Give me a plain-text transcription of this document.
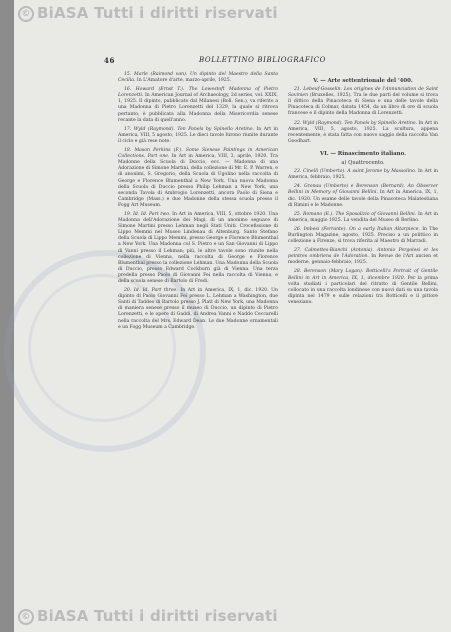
© BiASA Tutti i diritti riservati
46	BOLLETTINO BIBLIOGRAFICO

15. Marle (Raimond van). Un dipinto del Maestro della Santa Cecilia. In L'Amatore d'arte, marzo-aprile, 1925.

16. Howard (Ernst T.). The Lowestoft Madonna of Pietro Lorenzetti. In American Journal of Archaeology, 2d series, vol. XXIX, 1, 1925. Il dipinto, pubblicato dal Milanesi (Boll. Sen.), va riferito a una Madonna di Pietro Lorenzetti del 1329, la quale si ritrova pertanto, è pubblicata alla Madonna della Misericordia senese recante la data di quell'anno.

17. Wyld (Raymond). Ten Panels by Spinello Aretino. In Art in America, VIII, 5 agosto, 1925. Le dieci tavole furono riunite durante il ciclo e già rese note.

18. Mason Perkins (F.). Some Sienese Paintings in American Collections, Part one. In Art in America, VIII, 3, aprile, 1920. Tra Madonne della Scuola di Duccio, ecc. — Madonna di una Adorazione di Simone Martini, della collezione di Mr. E. P. Warren, e di anonimi, S. Gregorio, della Scuola di Ugolino nella raccolta di George e Florence Blumenthal a New York. Una nuova Madonna della Scuola di Duccio presso Philip Lehman a New York, una seconda Tavola di Ambrogio Lorenzetti, ancora Paolo di Siena e Cambridge (Mass.) e due Madonne della stessa scuola presso il Fogg Art Museum.

19. Id. Id. Part two. In Art in America, VIII, 5, ottobre 1920. Una Madonna dell'Adorazione dei Magi, di un anonimo seguace di Simone Martini presso Lehman negli Stati Uniti. Crocefissione di Lippo Memmi nel Museo Lindenau di Altenburg. Santo Stefano della Scuola di Lippo Memmi, presso George e Florence Blumenthal a New York. Una Madonna col S. Pietro e un San Giovanni di Lippo di Vanni presso il Lehman; più, le altre tavole sono riunite nella collezione di Vienna, nella raccolta di George e Florence Blumenthal presso la collezione Lehman. Una Madonna della Scuola di Duccio, presso Edward Cockburn già di Vienna. Una terza predella presso Paolo di Giovanni Fei nella raccolta di Vienna, e della scuola senese di Bartolo di Fredi.

20. Id. Id. Part three. In Art in America, IX, 1, dic. 1920. Un dipinto di Paolo Giovanni Fei presso L. Lehman a Washington, due Santi di Taddeo di Bartolo presso J. Platt di New York, una Madonna di maniera senese presso il museo di Duccio, un dipinto di Pietro Lorenzetti, e le opere di Gaddi, di Andrea Vanni e Naddo Ceccarelli nella raccolta del Mrs. Edward Dean. Le due Madonne ornamentali e un Fogg Museum a Cambridge.

V. — Arte settentrionale del '400.

21. Lebeuf-Gosselin. Les origines de l'Annunciation de Saint Savinien (Bruxelles, 1925). Tra le due parti del volume si trova il dittico della Pinacoteca di Siena e una delle tavole della Pinacoteca di Colmar, datata 1454, da un libro di ore di scuola francese e il dipinto della Madonna di Lorenzetti.

22. Wyld (Raymond). Ten Panels by Spinello Aretino. In Art in America, VIII, 5, agosto, 1925. La scultura, appena recentemente, è stata fatta con nuovo saggio della raccolta Van Goodhart.

VI. — Rinascimento italiano.
a) Quattrocento.

23. Cinelli (Umberto). A saint Jerome by Massolino. In Art in America, febbraio, 1925.

24. Gronau (Umberto) e Berenson (Bernard). An Observer Bellini in Memory of Giovanni Bellini. In Art in America, IX, 1, dic. 1920. Un esame delle tavole della Pinacoteca Malatestiana di Rimini e le Madonne.

25. Romano (E.). The Sposalizio of Giovanni Bellini. In Art in America, maggio 1925. La vendita del Museo di Berlino.

26. Imbesi (Ferrante). On a early Italian Altarpiece. In The Burlington Magazine, agosto, 1925. Preciso a un polittico in collezione a Firenze, si trova riferita al Maestro di Marradi.

27. Calmettes-Bianchi (Antonia). Antonio Pergolesi et les peintres ombriens de l'Adoration. In Revue de l'Art ancien et moderne, gennaio-febbraio, 1925.

28. Berenson (Mary Logan). Botticelli's Portrait of Gentile Bellini in Art in America, IX, 1, dicembre 1920. Per la prima volta studiati i particolari del ritratto di Gentile Bellini, collocato in una raccolta londinese con nuovi dati su una tavola dipinta nel 1479 e sulle relazioni tra Botticelli e il pittore veneziano.

© BiASA Tutti i diritti riservati
